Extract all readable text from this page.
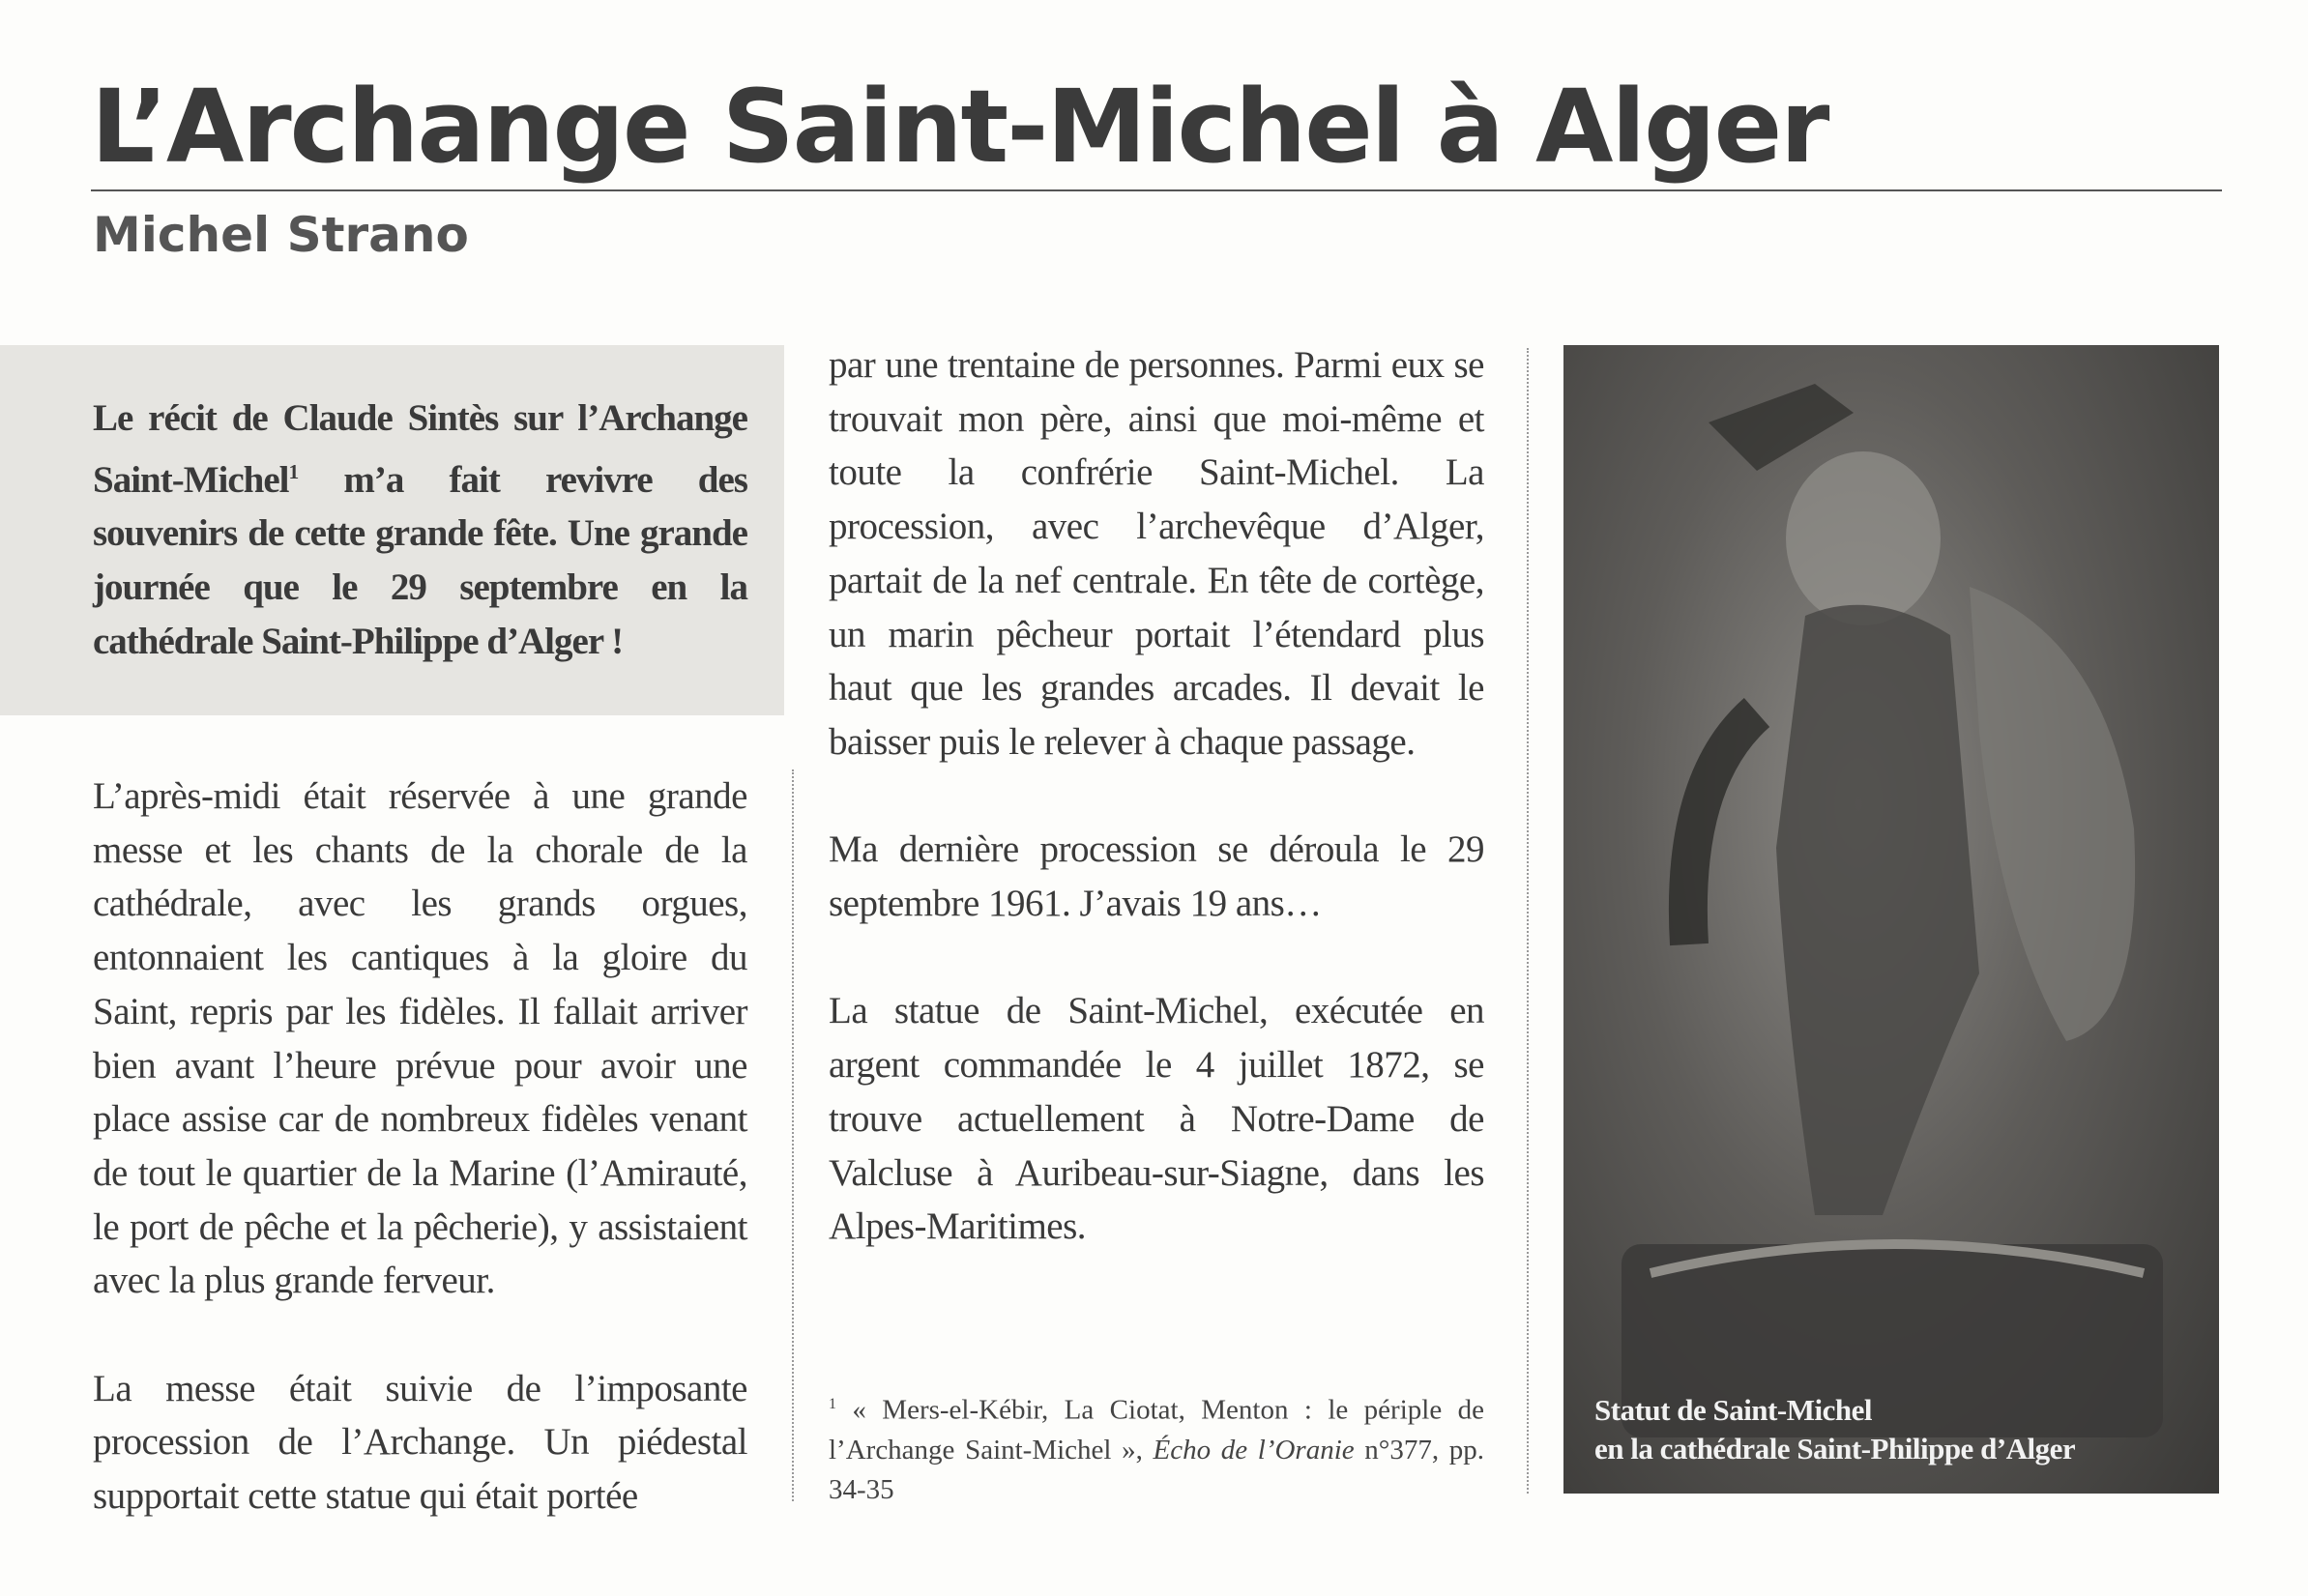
L’Archange Saint-Michel à Alger
Michel Strano
Le récit de Claude Sintès sur l’Archange Saint-Michel$^1$ m’a fait revivre des souvenirs de cette grande fête. Une grande journée que le 29 septembre en la cathédrale Saint-Philippe d’Alger !

L’après-midi était réservée à une grande messe et les chants de la chorale de la cathédrale, avec les grands orgues, entonnaient les cantiques à la gloire du Saint, repris par les fidèles. Il fallait arriver bien avant l’heure prévue pour avoir une place assise car de nombreux fidèles venant de tout le quartier de la Marine (l’Amirauté, le port de pêche et la pêcherie), y assistaient avec la plus grande ferveur.

La messe était suivie de l’imposante procession de l’Archange. Un piédestal supportait cette statue qui était portée

par une trentaine de personnes. Parmi eux se trouvait mon père, ainsi que moi-même et toute la confrérie Saint-Michel. La procession, avec l’archevêque d’Alger, partait de la nef centrale. En tête de cortège, un marin pêcheur portait l’étendard plus haut que les grandes arcades. Il devait le baisser puis le relever à chaque passage.

Ma dernière procession se déroula le 29 septembre 1961. J’avais 19 ans…

La statue de Saint-Michel, exécutée en argent commandée le 4 juillet 1872, se trouve actuellement à Notre-Dame de Valcluse à Auribeau-sur-Siagne, dans les Alpes-Maritimes.

$^1$ « Mers-el-Kébir, La Ciotat, Menton : le périple de l’Archange Saint-Michel », Écho de l’Oranie n°377, pp. 34-35
Statut de Saint-Michel
en la cathédrale Saint-Philippe d’Alger
